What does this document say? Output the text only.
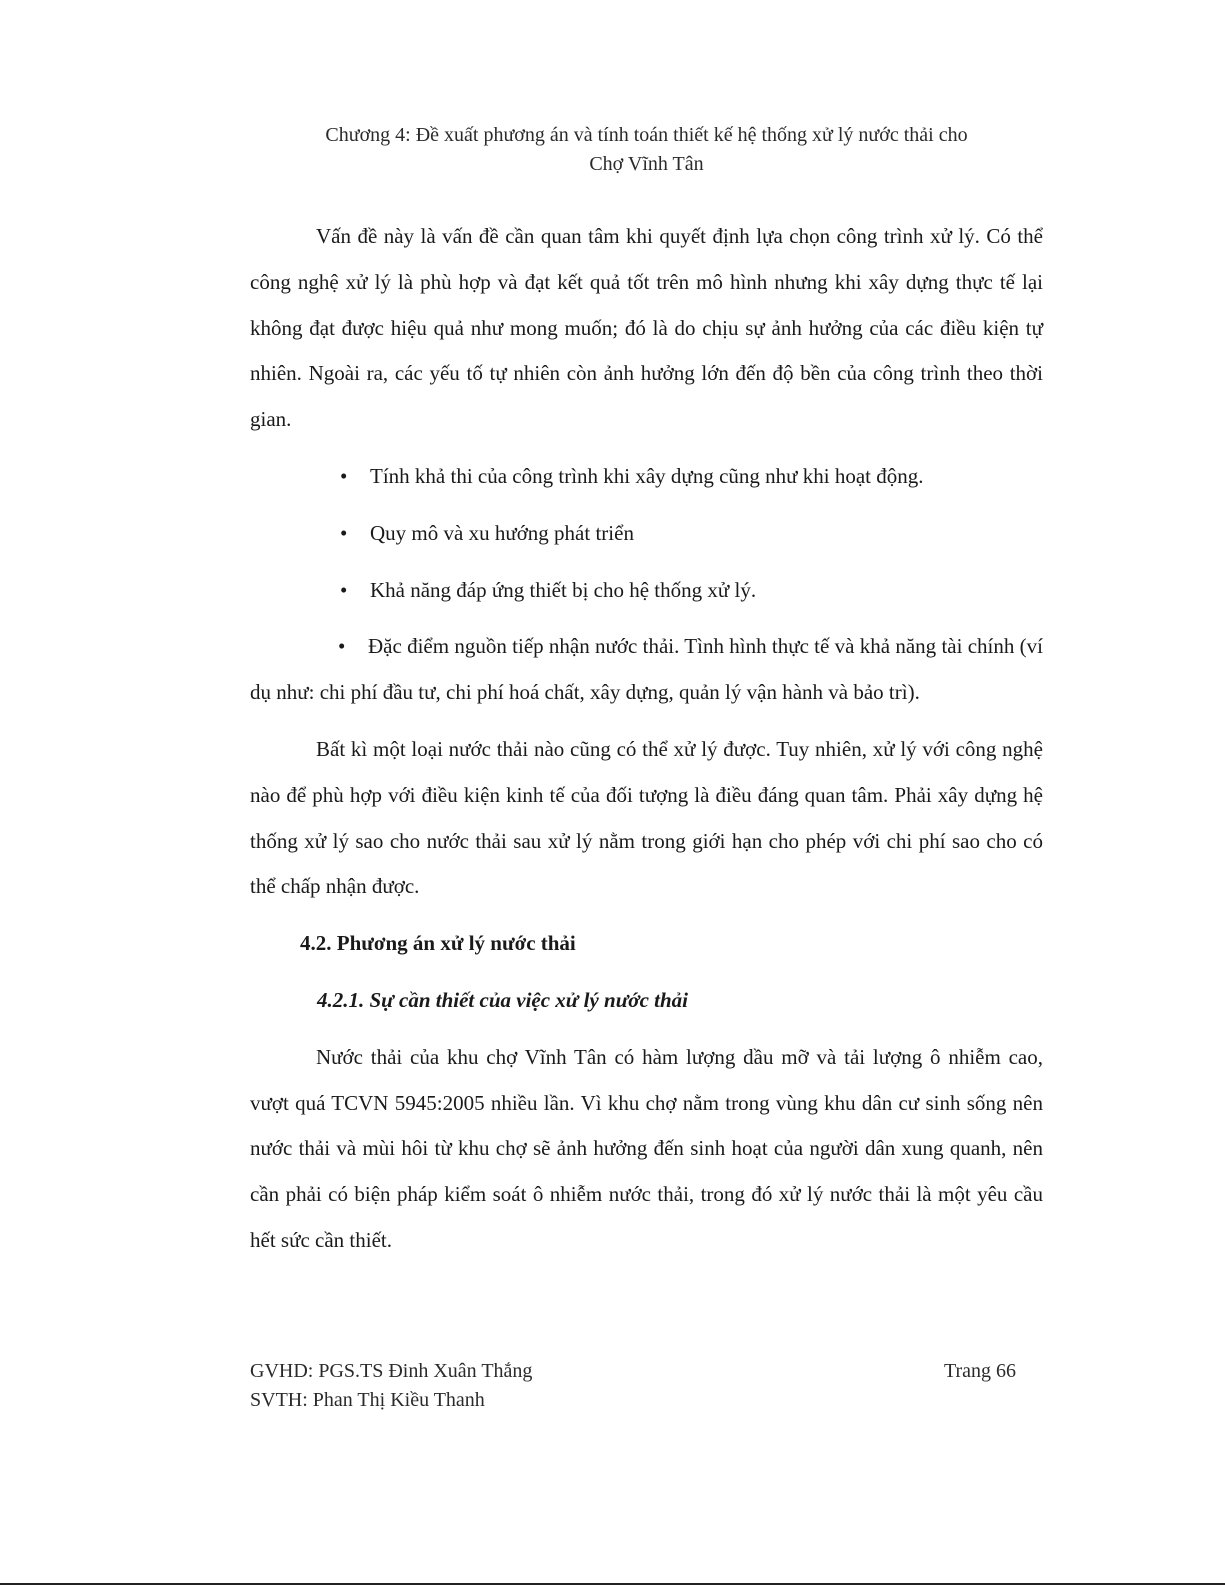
Chương 4: Đề xuất phương án và tính toán thiết kế hệ thống xử lý nước thải cho
Chợ Vĩnh Tân

Vấn đề này là vấn đề cần quan tâm khi quyết định lựa chọn công trình xử lý. Có thể công nghệ xử lý là phù hợp và đạt kết quả tốt trên mô hình nhưng khi xây dựng thực tế lại không đạt được hiệu quả như mong muốn; đó là do chịu sự ảnh hưởng của các điều kiện tự nhiên. Ngoài ra, các yếu tố tự nhiên còn ảnh hưởng lớn đến độ bền của công trình theo thời gian.

• Tính khả thi của công trình khi xây dựng cũng như khi hoạt động.
• Quy mô và xu hướng phát triển
• Khả năng đáp ứng thiết bị cho hệ thống xử lý.
• Đặc điểm nguồn tiếp nhận nước thải. Tình hình thực tế và khả năng tài chính (ví dụ như: chi phí đầu tư, chi phí hoá chất, xây dựng, quản lý vận hành và bảo trì).

Bất kì một loại nước thải nào cũng có thể xử lý được. Tuy nhiên, xử lý với công nghệ nào để phù hợp với điều kiện kinh tế của đối tượng là điều đáng quan tâm. Phải xây dựng hệ thống xử lý sao cho nước thải sau xử lý nằm trong giới hạn cho phép với chi phí sao cho có thể chấp nhận được.

4.2. Phương án xử lý nước thải
4.2.1. Sự cần thiết của việc xử lý nước thải

Nước thải của khu chợ Vĩnh Tân có hàm lượng dầu mỡ và tải lượng ô nhiễm cao, vượt quá TCVN 5945:2005 nhiều lần. Vì khu chợ nằm trong vùng khu dân cư sinh sống nên nước thải và mùi hôi từ khu chợ sẽ ảnh hưởng đến sinh hoạt của người dân xung quanh, nên cần phải có biện pháp kiểm soát ô nhiễm nước thải, trong đó xử lý nước thải là một yêu cầu hết sức cần thiết.

GVHD: PGS.TS Đinh Xuân Thắng	Trang 66
SVTH: Phan Thị Kiều Thanh
